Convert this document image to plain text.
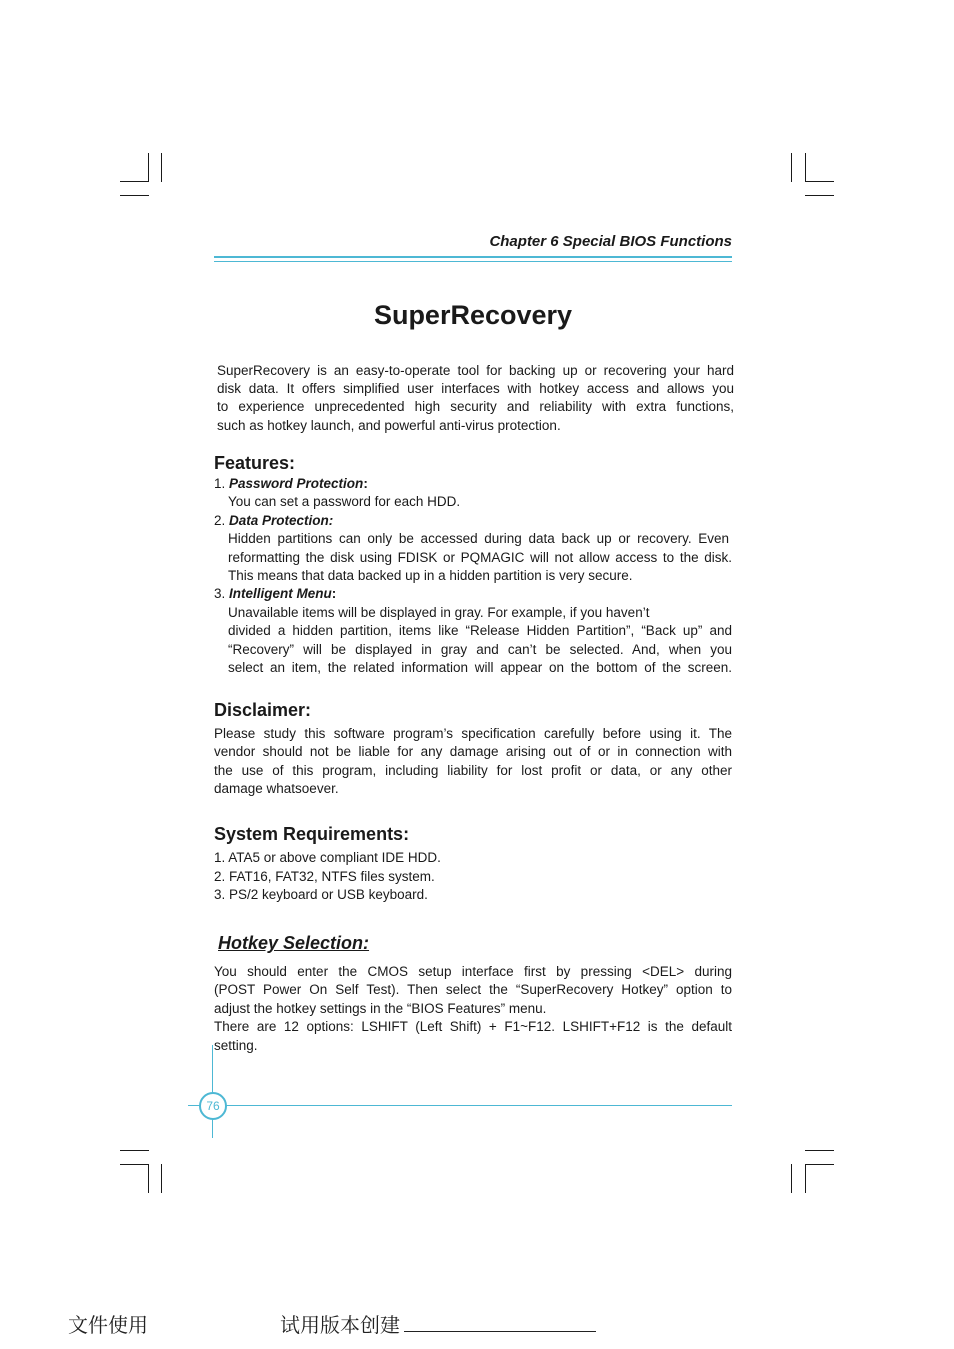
Chapter 6 Special BIOS Functions
SuperRecovery
SuperRecovery is an easy-to-operate tool for backing up or recovering your hard
disk data. It offers simplified user interfaces with hotkey access and allows you
to experience unprecedented high security and reliability with extra functions,
such as hotkey launch, and powerful anti-virus protection.
Features:
1. Password Protection:
You can set a password for each HDD.
2. Data Protection:
Hidden partitions can only be accessed during data back up or recovery. Even
reformatting the disk using FDISK or PQMAGIC will not allow access to the disk.
This means that data backed up in a hidden partition is very secure.
3. Intelligent Menu:
Unavailable items will be displayed in gray. For example, if you haven’t
divided a hidden partition, items like “Release Hidden Partition”, “Back up” and
“Recovery” will be displayed in gray and can’t be selected. And, when you
select an item, the related information will appear on the bottom of the screen.
Disclaimer:
Please study this software program’s specification carefully before using it. The
vendor should not be liable for any damage arising out of or in connection with
the use of this program, including liability for lost profit or data, or any other
damage whatsoever.
System Requirements:
1. ATA5 or above compliant IDE HDD.
2. FAT16, FAT32, NTFS files system.
3. PS/2 keyboard or USB keyboard.
Hotkey Selection:
You should enter the CMOS setup interface first by pressing <DEL> during
(POST Power On Self Test). Then select the “SuperRecovery Hotkey” option to
adjust the hotkey settings in the “BIOS Features” menu.
There are 12 options: LSHIFT (Left Shift) + F1~F12. LSHIFT+F12 is the default
setting.
76
文件使用	试用版本创建
